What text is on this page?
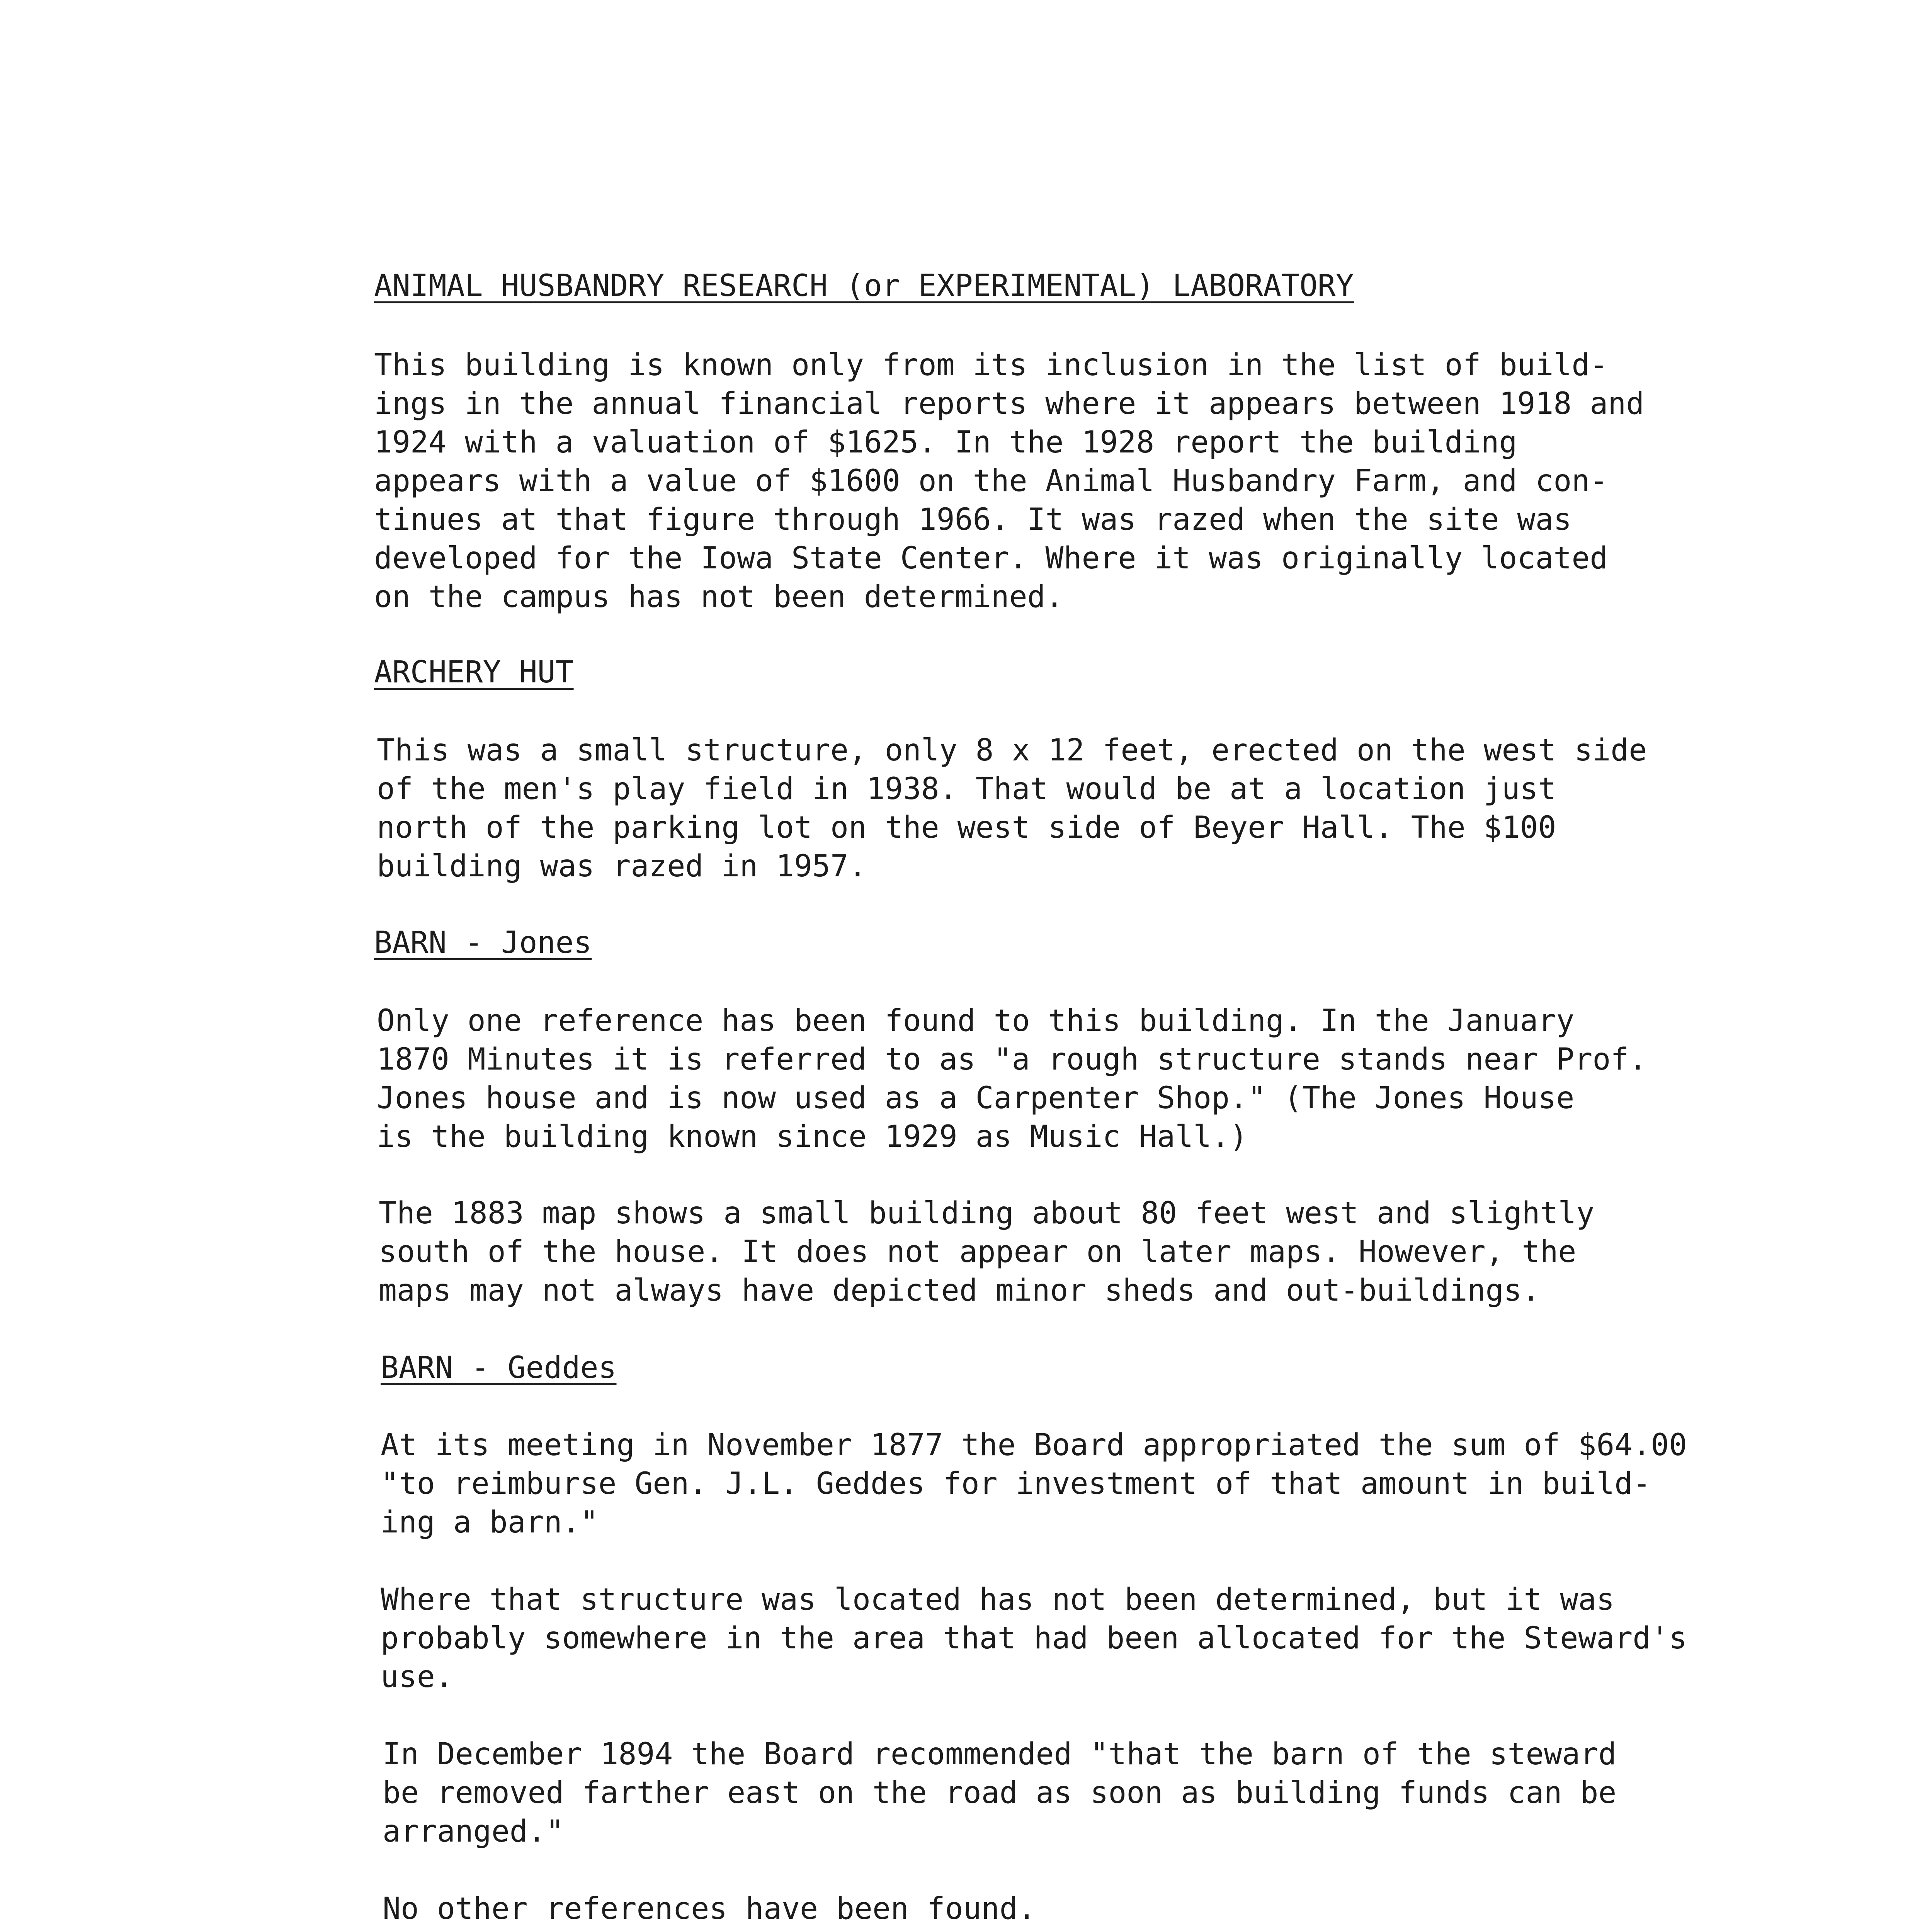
ANIMAL HUSBANDRY RESEARCH (or EXPERIMENTAL) LABORATORY

This building is known only from its inclusion in the list of build-
ings in the annual financial reports where it appears between 1918 and
1924 with a valuation of $1625. In the 1928 report the building
appears with a value of $1600 on the Animal Husbandry Farm, and con-
tinues at that figure through 1966. It was razed when the site was
developed for the Iowa State Center. Where it was originally located
on the campus has not been determined.

ARCHERY HUT

This was a small structure, only 8 x 12 feet, erected on the west side
of the men's play field in 1938. That would be at a location just
north of the parking lot on the west side of Beyer Hall. The $100
building was razed in 1957.

BARN - Jones

Only one reference has been found to this building. In the January
1870 Minutes it is referred to as "a rough structure stands near Prof.
Jones house and is now used as a Carpenter Shop." (The Jones House
is the building known since 1929 as Music Hall.)

The 1883 map shows a small building about 80 feet west and slightly
south of the house. It does not appear on later maps. However, the
maps may not always have depicted minor sheds and out-buildings.

BARN - Geddes

At its meeting in November 1877 the Board appropriated the sum of $64.00
"to reimburse Gen. J.L. Geddes for investment of that amount in build-
ing a barn."

Where that structure was located has not been determined, but it was
probably somewhere in the area that had been allocated for the Steward's
use.

In December 1894 the Board recommended "that the barn of the steward
be removed farther east on the road as soon as building funds can be
arranged."

No other references have been found.
